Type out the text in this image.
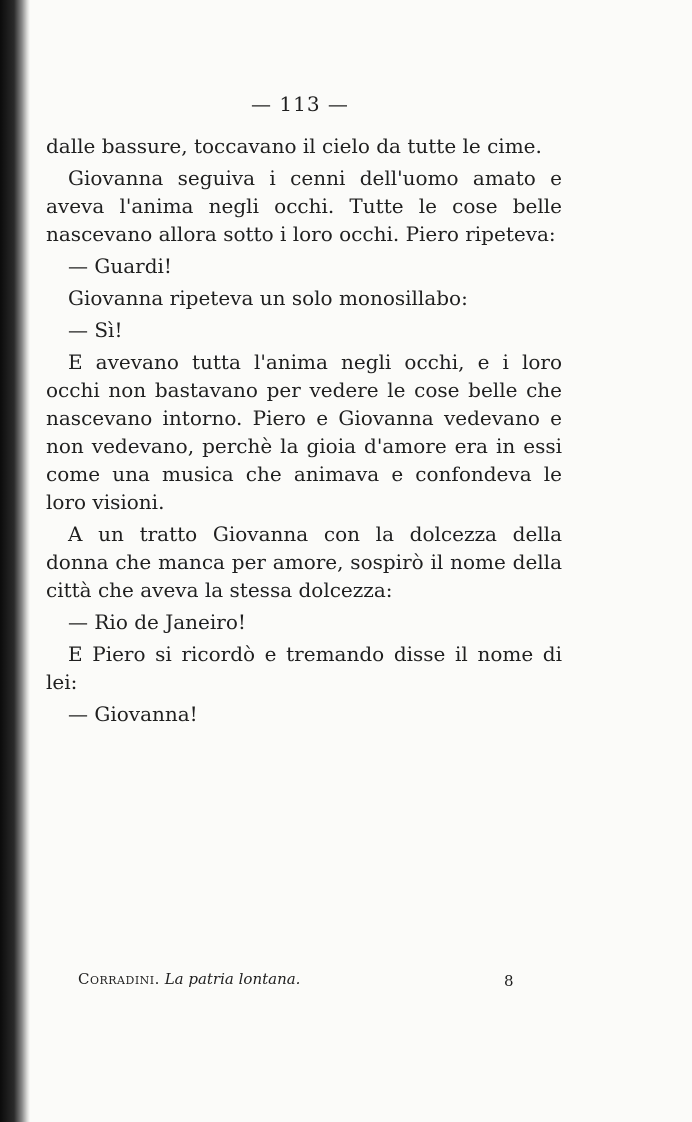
— 113 —

dalle bassure, toccavano il cielo da tutte le cime.

Giovanna seguiva i cenni dell'uomo amato e aveva l'anima negli occhi. Tutte le cose belle nascevano allora sotto i loro occhi. Piero ripeteva:

— Guardi!

Giovanna ripeteva un solo monosillabo:

— Sì!

E avevano tutta l'anima negli occhi, e i loro occhi non bastavano per vedere le cose belle che nascevano intorno. Piero e Giovanna vedevano e non vedevano, perchè la gioia d'amore era in essi come una musica che animava e confondeva le loro visioni.

A un tratto Giovanna con la dolcezza della donna che manca per amore, sospirò il nome della città che aveva la stessa dolcezza:

— Rio de Janeiro!

E Piero si ricordò e tremando disse il nome di lei:

— Giovanna!

Corradini. La patria lontana.	8
